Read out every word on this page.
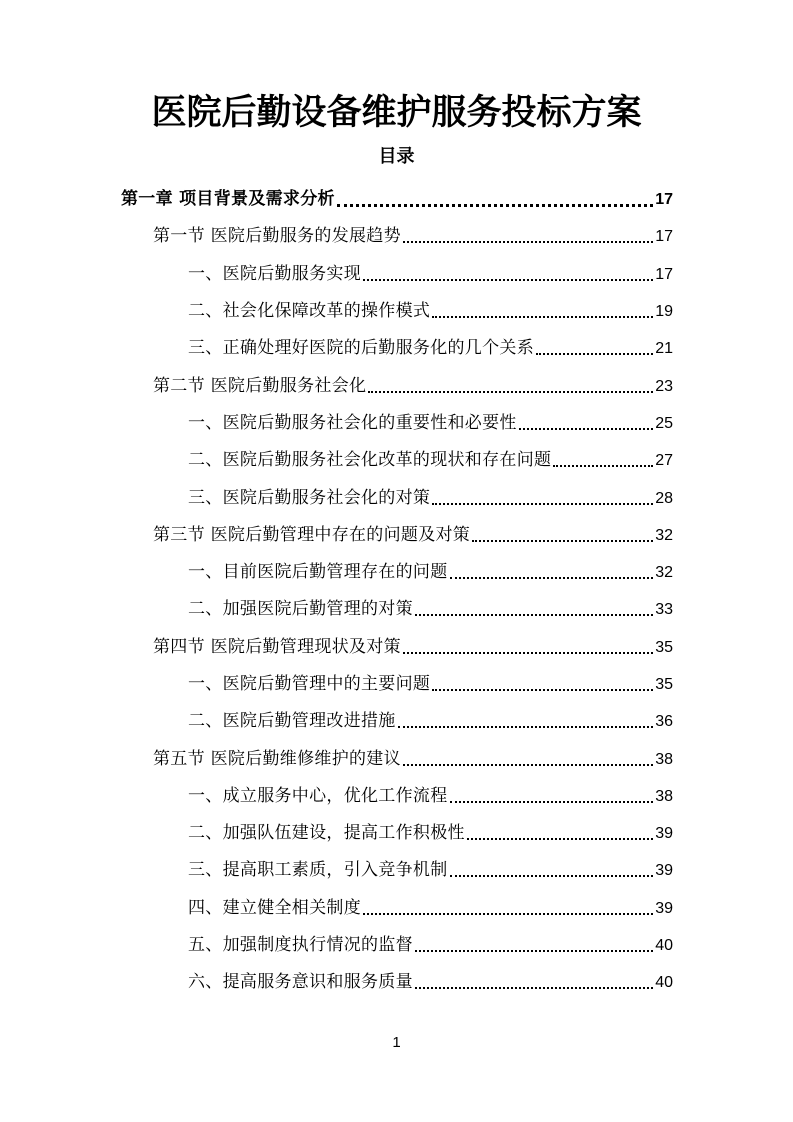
医院后勤设备维护服务投标方案
目录
第一章 项目背景及需求分析	17
第一节 医院后勤服务的发展趋势	17
一、医院后勤服务实现	17
二、社会化保障改革的操作模式	19
三、正确处理好医院的后勤服务化的几个关系	21
第二节 医院后勤服务社会化	23
一、医院后勤服务社会化的重要性和必要性	25
二、医院后勤服务社会化改革的现状和存在问题	27
三、医院后勤服务社会化的对策	28
第三节 医院后勤管理中存在的问题及对策	32
一、目前医院后勤管理存在的问题	32
二、加强医院后勤管理的对策	33
第四节 医院后勤管理现状及对策	35
一、医院后勤管理中的主要问题	35
二、医院后勤管理改进措施	36
第五节 医院后勤维修维护的建议	38
一、成立服务中心，优化工作流程	38
二、加强队伍建设，提高工作积极性	39
三、提高职工素质，引入竞争机制	39
四、建立健全相关制度	39
五、加强制度执行情况的监督	40
六、提高服务意识和服务质量	40
1
